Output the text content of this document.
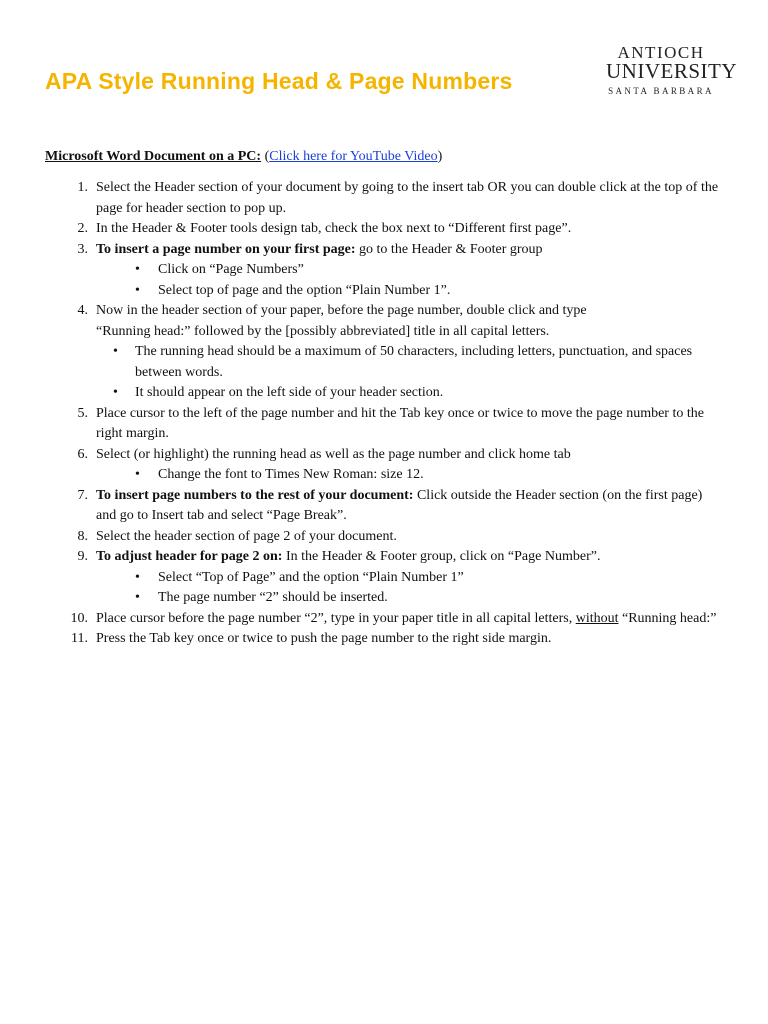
APA Style Running Head & Page Numbers
ANTIOCH
UNIVERSITY
SANTA BARBARA

Microsoft Word Document on a PC: (Click here for YouTube Video)

1. Select the Header section of your document by going to the insert tab OR you can double click at the top of the page for header section to pop up.
2. In the Header & Footer tools design tab, check the box next to “Different first page”.
3. To insert a page number on your first page: go to the Header & Footer group
• Click on “Page Numbers”
• Select top of page and the option “Plain Number 1”.
4. Now in the header section of your paper, before the page number, double click and type
“Running head:” followed by the [possibly abbreviated] title in all capital letters.
• The running head should be a maximum of 50 characters, including letters, punctuation, and spaces between words.
• It should appear on the left side of your header section.
5. Place cursor to the left of the page number and hit the Tab key once or twice to move the page number to the right margin.
6. Select (or highlight) the running head as well as the page number and click home tab
• Change the font to Times New Roman: size 12.
7. To insert page numbers to the rest of your document: Click outside the Header section (on the first page) and go to Insert tab and select “Page Break”.
8. Select the header section of page 2 of your document.
9. To adjust header for page 2 on: In the Header & Footer group, click on “Page Number”.
• Select “Top of Page” and the option “Plain Number 1”
• The page number “2” should be inserted.
10. Place cursor before the page number “2”, type in your paper title in all capital letters, without “Running head:”
11. Press the Tab key once or twice to push the page number to the right side margin.
